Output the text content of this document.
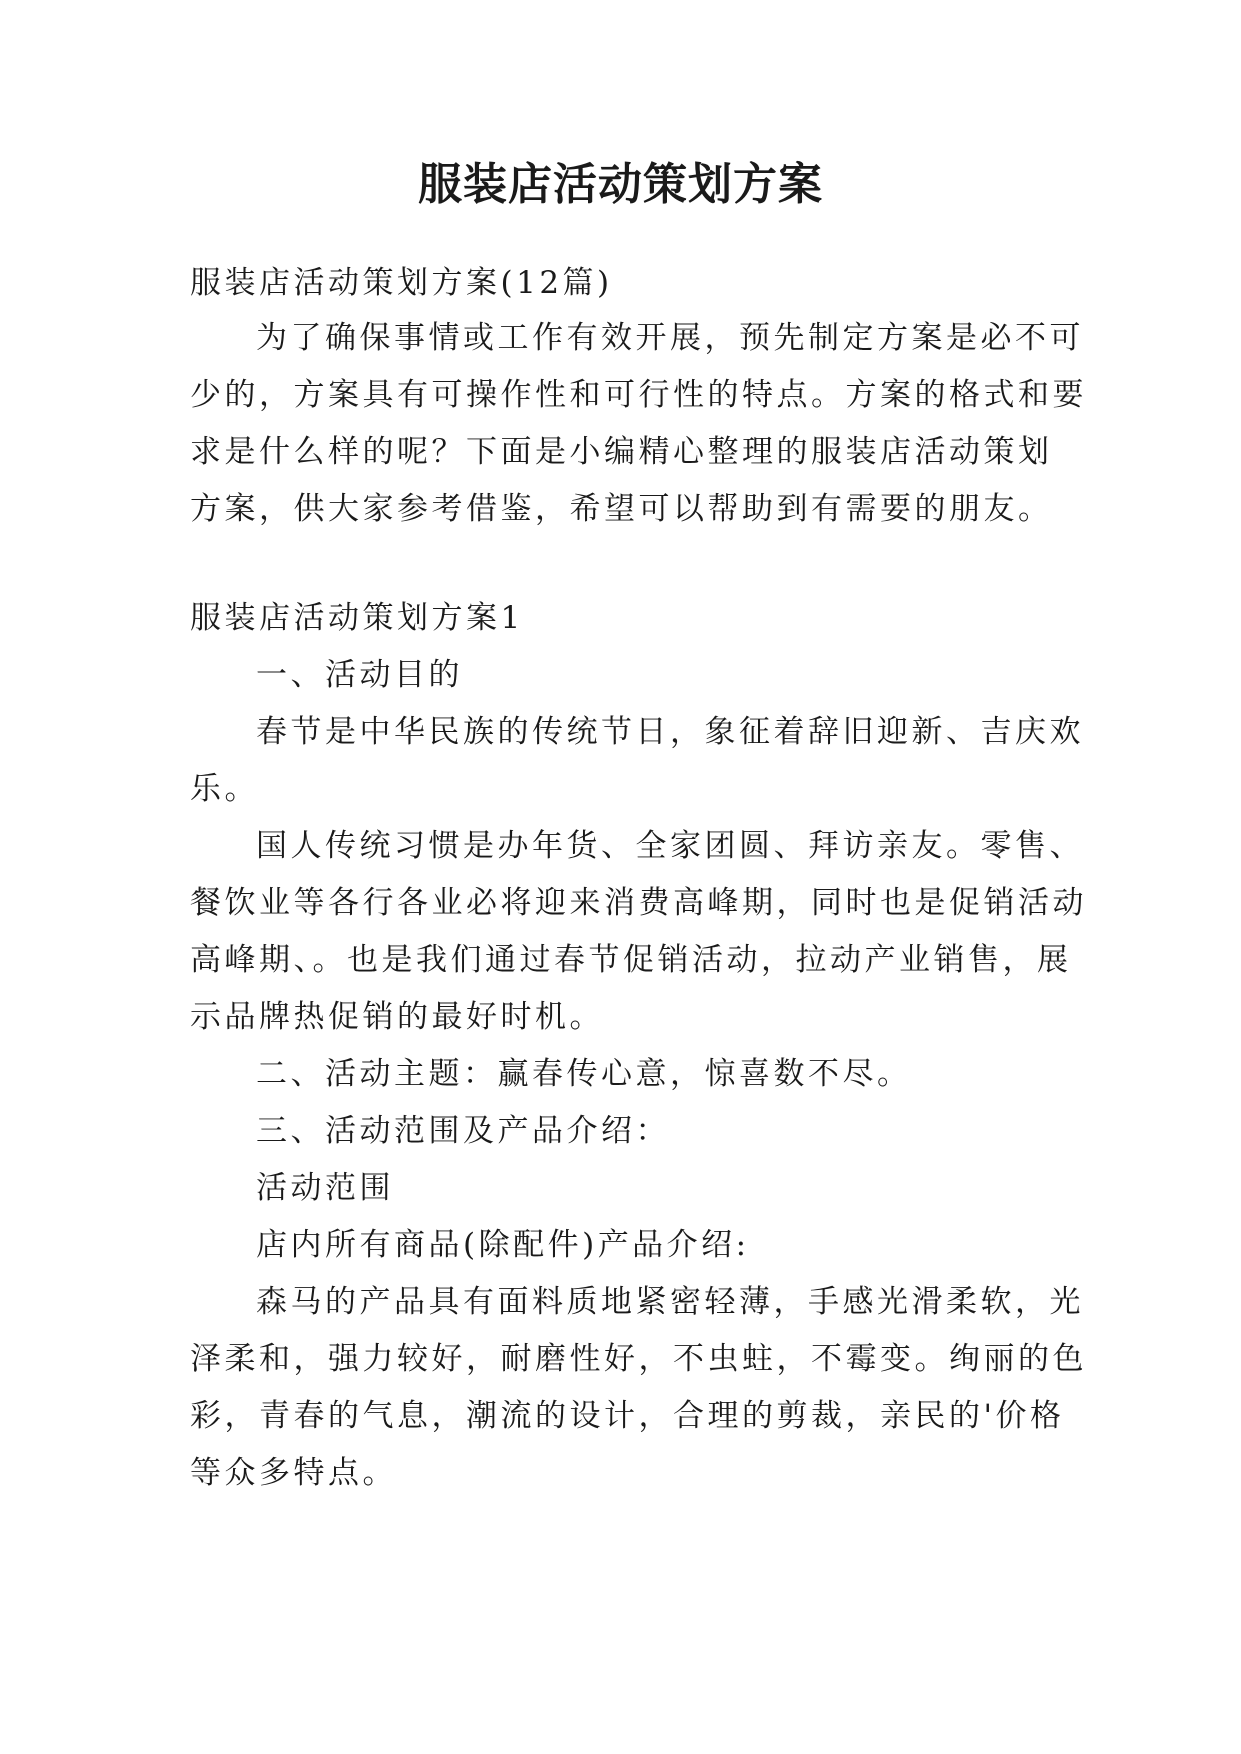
服装店活动策划方案
服装店活动策划方案(12篇)
为了确保事情或工作有效开展，预先制定方案是必不可
少的，方案具有可操作性和可行性的特点。方案的格式和要
求是什么样的呢？下面是小编精心整理的服装店活动策划
方案，供大家参考借鉴，希望可以帮助到有需要的朋友。
服装店活动策划方案1
一、活动目的
春节是中华民族的传统节日，象征着辞旧迎新、吉庆欢
乐。
国人传统习惯是办年货、全家团圆、拜访亲友。零售、
餐饮业等各行各业必将迎来消费高峰期，同时也是促销活动
高峰期、。也是我们通过春节促销活动，拉动产业销售，展
示品牌热促销的最好时机。
二、活动主题：赢春传心意，惊喜数不尽。
三、活动范围及产品介绍：
活动范围
店内所有商品(除配件)产品介绍:
森马的产品具有面料质地紧密轻薄，手感光滑柔软，光
泽柔和，强力较好，耐磨性好，不虫蛀，不霉变。绚丽的色
彩，青春的气息，潮流的设计，合理的剪裁，亲民的'价格
等众多特点。
